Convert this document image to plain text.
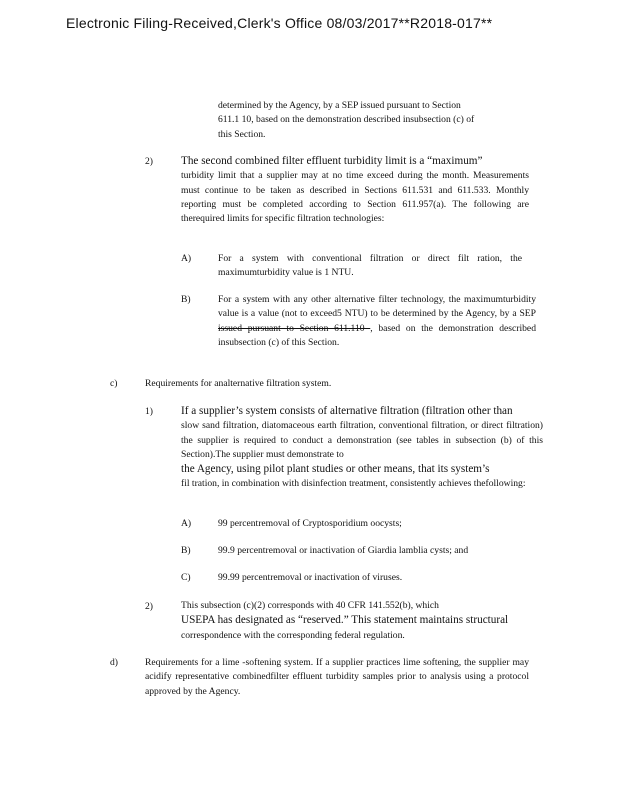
Electronic Filing-Received,Clerk's Office 08/03/2017**R2018-017**
determined by the Agency, by a SEP issued pursuant to Section
611.1 10, based on the demonstration described insubsection (c) of
this Section.
2)	The second combined filter effluent turbidity limit is a “maximum”
turbidity limit that a supplier may at no time exceed during the month. Measurements must continue to be taken as described in Sections 611.531 and 611.533. Monthly reporting must be completed according to Section 611.957(a). The following are therequired limits for specific filtration technologies:
A)	For a system with conventional filtration or direct filt ration, the maximumturbidity value is 1 NTU.
B)	For a system with any other alternative filter technology, the maximumturbidity value is a value (not to exceed5 NTU) to be determined by the Agency, by a SEP issued pursuant to Section 611.110 , based on the demonstration described insubsection (c) of this Section.
c)	Requirements for analternative filtration system.
1)	If a supplier’s system consists of alternative filtration (filtration other than
slow sand filtration, diatomaceous earth filtration, conventional filtration, or direct filtration) the supplier is required to conduct a demonstration (see tables in subsection (b) of this Section).The supplier must demonstrate to
the Agency, using pilot plant studies or other means, that its system’s
fil tration, in combination with disinfection treatment, consistently achieves thefollowing:
A)	99 percentremoval of Cryptosporidium oocysts;
B)	99.9 percentremoval or inactivation of Giardia lamblia cysts; and
C)	99.99 percentremoval or inactivation of viruses.
2)	This subsection (c)(2) corresponds with 40 CFR 141.552(b), which
USEPA has designated as “reserved.” This statement maintains structural
correspondence with the corresponding federal regulation.
d)	Requirements for a lime -softening system. If a supplier practices lime softening, the supplier may acidify representative combinedfilter effluent turbidity samples prior to analysis using a protocol approved by the Agency.
